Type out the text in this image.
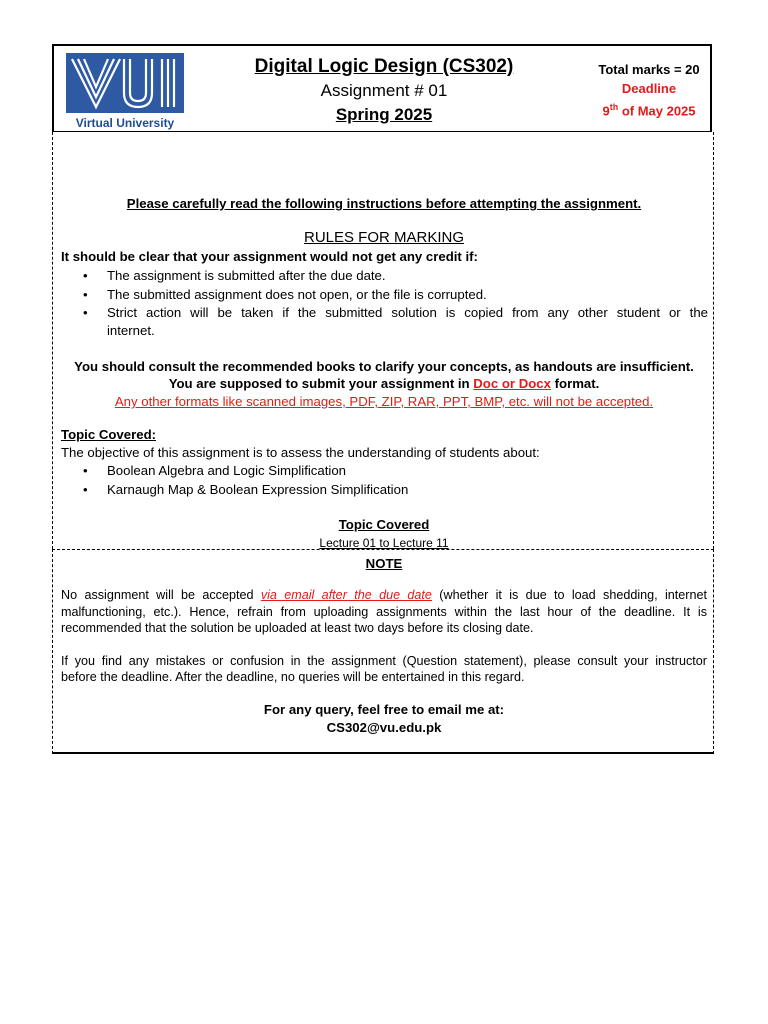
Virtual University
Digital Logic Design (CS302)
Assignment # 01
Spring 2025
Total marks = 20
Deadline
9th of May 2025
Please carefully read the following instructions before attempting the assignment.
RULES FOR MARKING
It should be clear that your assignment would not get any credit if:
• The assignment is submitted after the due date.
• The submitted assignment does not open, or the file is corrupted.
• Strict action will be taken if the submitted solution is copied from any other student or the
internet.
You should consult the recommended books to clarify your concepts, as handouts are insufficient.
You are supposed to submit your assignment in Doc or Docx format.
Any other formats like scanned images, PDF, ZIP, RAR, PPT, BMP, etc. will not be accepted.
Topic Covered:
The objective of this assignment is to assess the understanding of students about:
• Boolean Algebra and Logic Simplification
• Karnaugh Map & Boolean Expression Simplification
Topic Covered
Lecture 01 to Lecture 11
NOTE
No assignment will be accepted via email after the due date (whether it is due to load shedding, internet
malfunctioning, etc.). Hence, refrain from uploading assignments within the last hour of the deadline. It is
recommended that the solution be uploaded at least two days before its closing date.
If you find any mistakes or confusion in the assignment (Question statement), please consult your instructor
before the deadline. After the deadline, no queries will be entertained in this regard.
For any query, feel free to email me at:
CS302@vu.edu.pk
